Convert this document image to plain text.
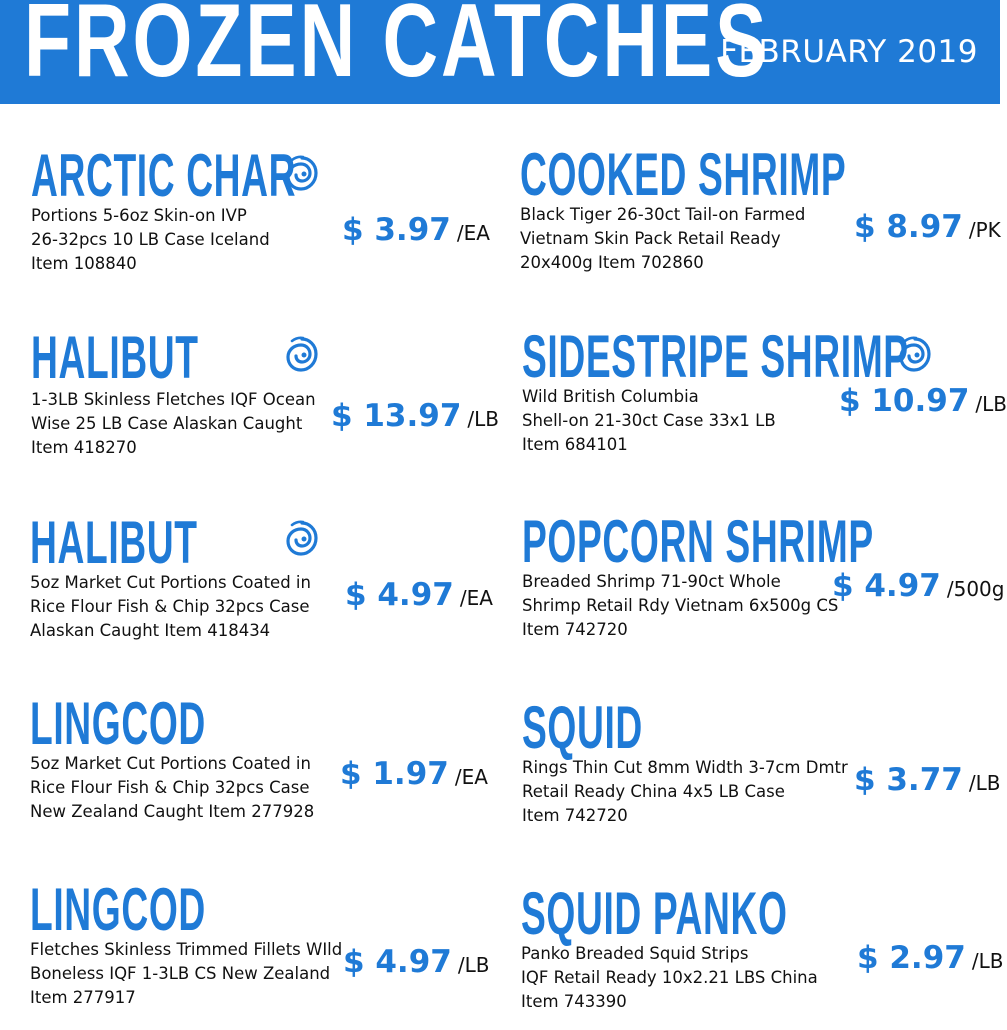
FROZEN CATCHES
FEBRUARY 2019
ARCTIC CHAR
Portions 5-6oz Skin-on IVP
26-32pcs 10 LB Case Iceland
Item 108840
$ 3.97 /EA
COOKED SHRIMP
Black Tiger 26-30ct Tail-on Farmed
Vietnam Skin Pack Retail Ready
20x400g Item 702860
$ 8.97 /PK
HALIBUT
1-3LB Skinless Fletches IQF Ocean
Wise 25 LB Case Alaskan Caught
Item 418270
$ 13.97 /LB
SIDESTRIPE SHRIMP
Wild British Columbia
Shell-on 21-30ct Case 33x1 LB
Item 684101
$ 10.97 /LB
HALIBUT
5oz Market Cut Portions Coated in
Rice Flour Fish & Chip 32pcs Case
Alaskan Caught Item 418434
$ 4.97 /EA
POPCORN SHRIMP
Breaded Shrimp 71-90ct Whole
Shrimp Retail Rdy Vietnam 6x500g CS
Item 742720
$ 4.97 /500g
LINGCOD
5oz Market Cut Portions Coated in
Rice Flour Fish & Chip 32pcs Case
New Zealand Caught Item 277928
$ 1.97 /EA
SQUID
Rings Thin Cut 8mm Width 3-7cm Dmtr
Retail Ready China 4x5 LB Case
Item 742720
$ 3.77 /LB
LINGCOD
Fletches Skinless Trimmed Fillets WIld
Boneless IQF 1-3LB CS New Zealand
Item 277917
$ 4.97 /LB
SQUID PANKO
Panko Breaded Squid Strips
IQF Retail Ready 10x2.21 LBS China
Item 743390
$ 2.97 /LB
